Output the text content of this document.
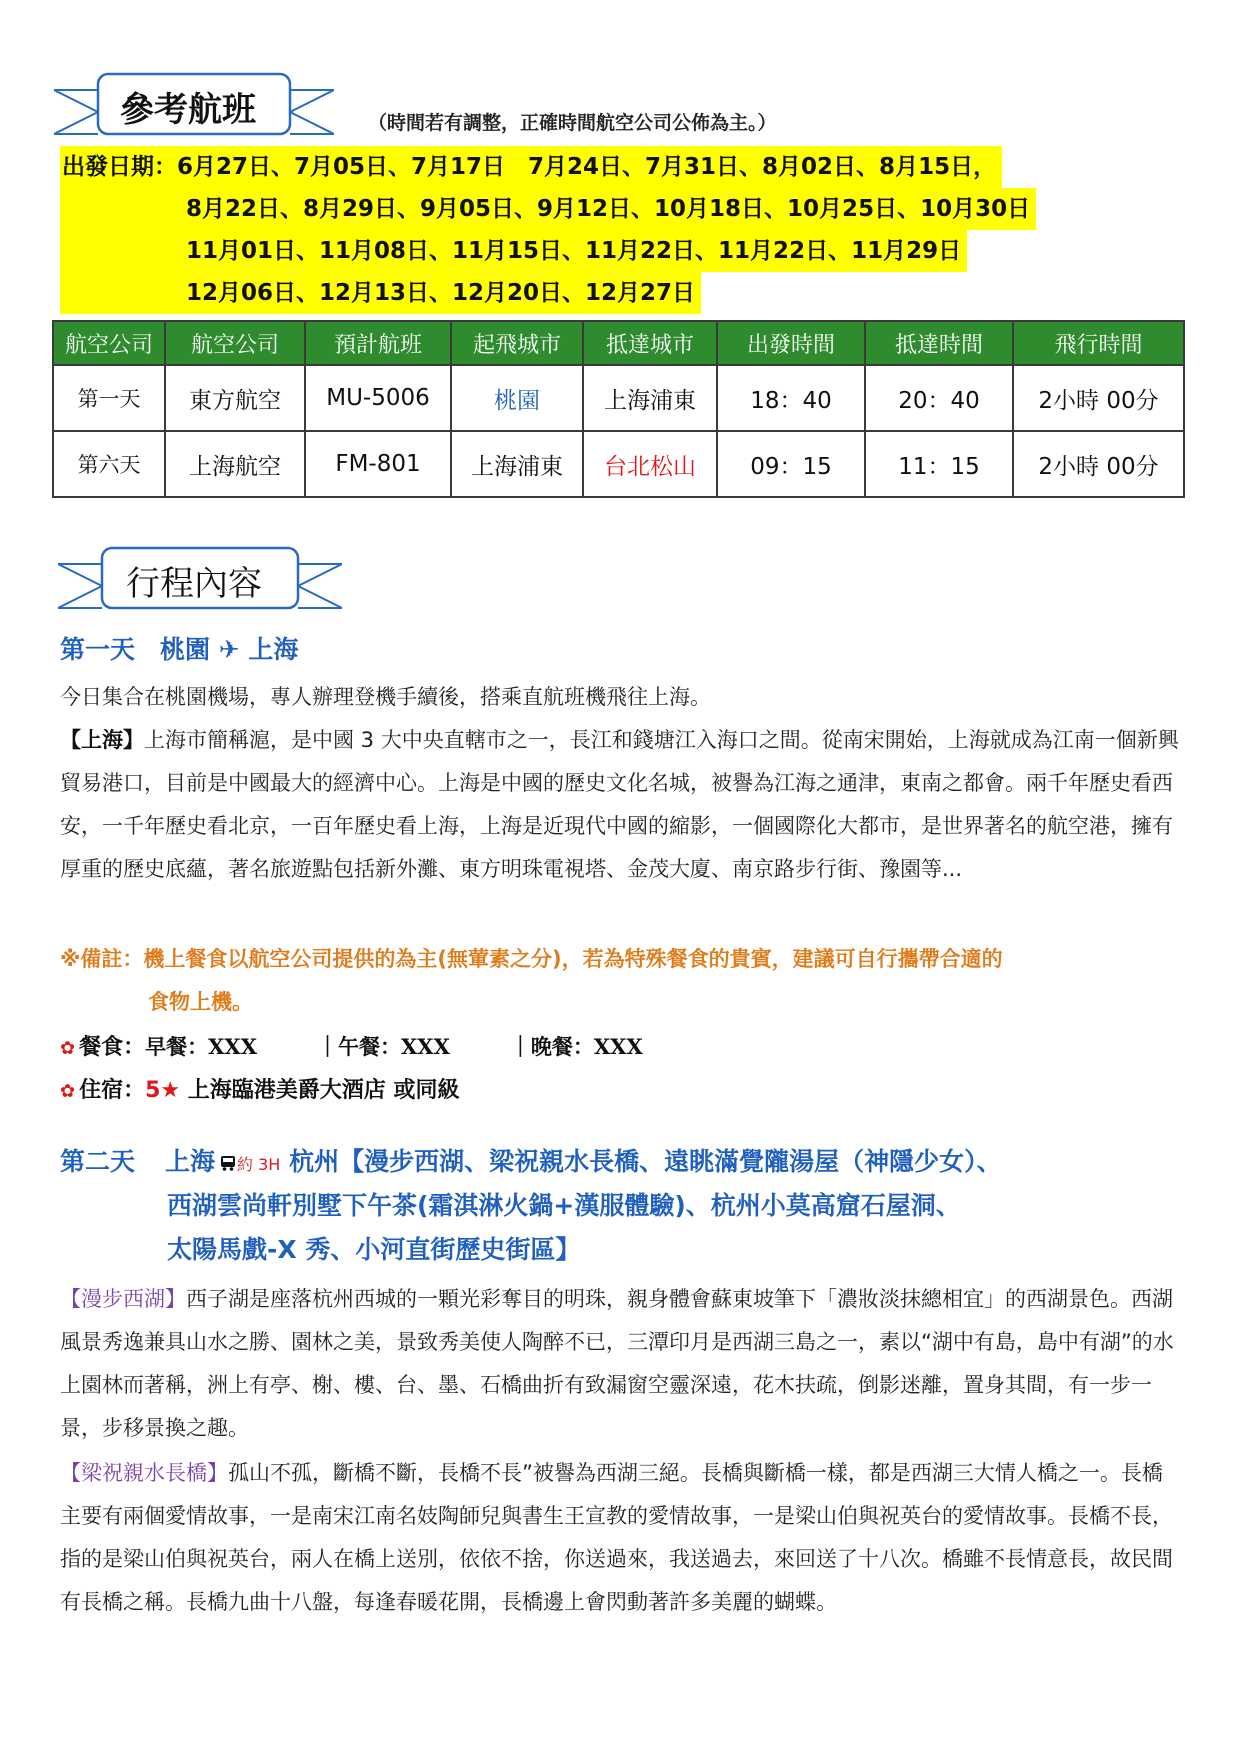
參考航班	（時間若有調整，正確時間航空公司公佈為主。）
出發日期：6月27日、7月05日、7月17日　7月24日、7月31日、8月02日、8月15日，
8月22日、8月29日、9月05日、9月12日、10月18日、10月25日、10月30日
11月01日、11月08日、11月15日、11月22日、11月22日、11月29日
12月06日、12月13日、12月20日、12月27日
航空公司	航空公司	預計航班	起飛城市	抵達城市	出發時間	抵達時間	飛行時間
第一天	東方航空	MU-5006	桃園	上海浦東	18：40	20：40	2小時 00分
第六天	上海航空	FM-801	上海浦東	台北松山	09：15	11：15	2小時 00分
行程內容
第一天　桃園 ✈ 上海
今日集合在桃園機場，專人辦理登機手續後，搭乘直航班機飛往上海。
【上海】上海市簡稱滬，是中國 3 大中央直轄市之一，長江和錢塘江入海口之間。從南宋開始，上海就成為江南一個新興貿易港口，目前是中國最大的經濟中心。上海是中國的歷史文化名城，被譽為江海之通津，東南之都會。兩千年歷史看西安，一千年歷史看北京，一百年歷史看上海，上海是近現代中國的縮影，一個國際化大都市，是世界著名的航空港，擁有厚重的歷史底蘊，著名旅遊點包括新外灘、東方明珠電視塔、金茂大廈、南京路步行街、豫園等...
※備註：機上餐食以航空公司提供的為主(無葷素之分)，若為特殊餐食的貴賓，建議可自行攜帶合適的
食物上機。
✿ 餐食：早餐：XXX	｜午餐：XXX	｜晚餐：XXX
✿ 住宿：5★ 上海臨港美爵大酒店 或同級
第二天 上海 約 3H 杭州【漫步西湖、梁祝親水長橋、遠眺滿覺隴湯屋（神隱少女）、
西湖雲尚軒別墅下午茶(霜淇淋火鍋+漢服體驗)、杭州小莫高窟石屋洞、
太陽馬戲-X 秀、小河直街歷史街區】
【漫步西湖】西子湖是座落杭州西城的一顆光彩奪目的明珠，親身體會蘇東坡筆下「濃妝淡抹總相宜」的西湖景色。西湖風景秀逸兼具山水之勝、園林之美，景致秀美使人陶醉不已，三潭印月是西湖三島之一，素以“湖中有島，島中有湖”的水上園林而著稱，洲上有亭、榭、樓、台、墨、石橋曲折有致漏窗空靈深遠，花木扶疏，倒影迷離，置身其間，有一步一景，步移景換之趣。
【梁祝親水長橋】孤山不孤，斷橋不斷，長橋不長”被譽為西湖三絕。長橋與斷橋一樣，都是西湖三大情人橋之一。長橋主要有兩個愛情故事，一是南宋江南名妓陶師兒與書生王宣教的愛情故事，一是梁山伯與祝英台的愛情故事。長橋不長，指的是梁山伯與祝英台，兩人在橋上送別，依依不捨，你送過來，我送過去，來回送了十八次。橋雖不長情意長，故民間有長橋之稱。長橋九曲十八盤，每逢春暖花開，長橋邊上會閃動著許多美麗的蝴蝶。
